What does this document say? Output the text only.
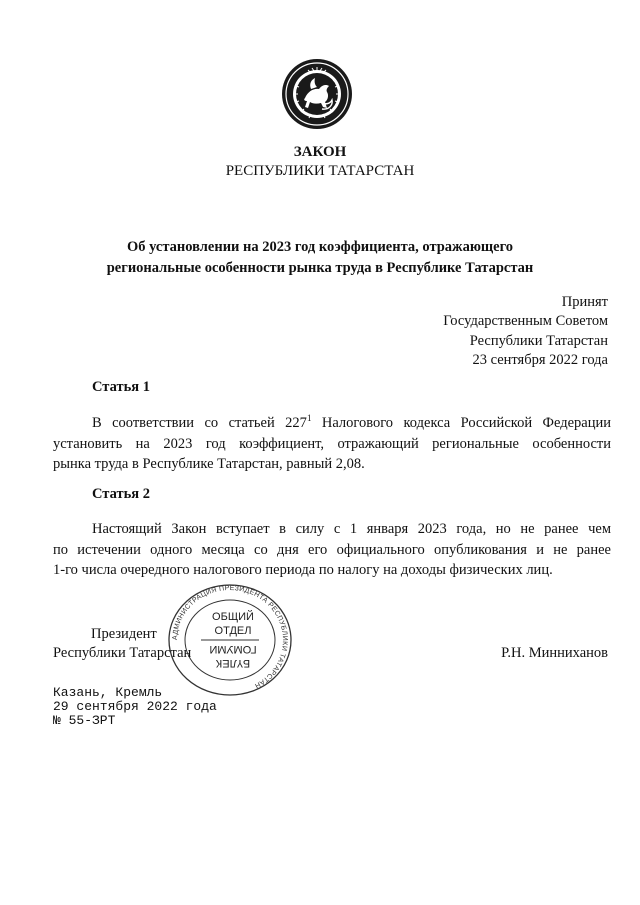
ЗАКОН
РЕСПУБЛИКИ ТАТАРСТАН
Об установлении на 2023 год коэффициента, отражающего
региональные особенности рынка труда в Республике Татарстан
Принят
Государственным Советом
Республики Татарстан
23 сентября 2022 года
Статья 1
В соответствии со статьей $227^1$ Налогового кодекса Российской Федерации
установить на 2023 год коэффициент, отражающий региональные особенности
рынка труда в Республике Татарстан, равный 2,08.
Статья 2
Настоящий Закон вступает в силу с 1 января 2023 года, но не ранее чем
по истечении одного месяца со дня его официального опубликования и не ранее
1-го числа очередного налогового периода по налогу на доходы физических лиц.
АДМИНИСТРАЦИЯ ПРЕЗИДЕНТА РЕСПУБЛИКИ ТАТАРСТАН
ОБЩИЙ
ОТДЕЛ
ГОМУМИ
БҮЛЕК
Президент
Республики Татарстан	Р.Н. Минниханов
Казань, Кремль
29 сентября 2022 года
№ 55-ЗРТ
